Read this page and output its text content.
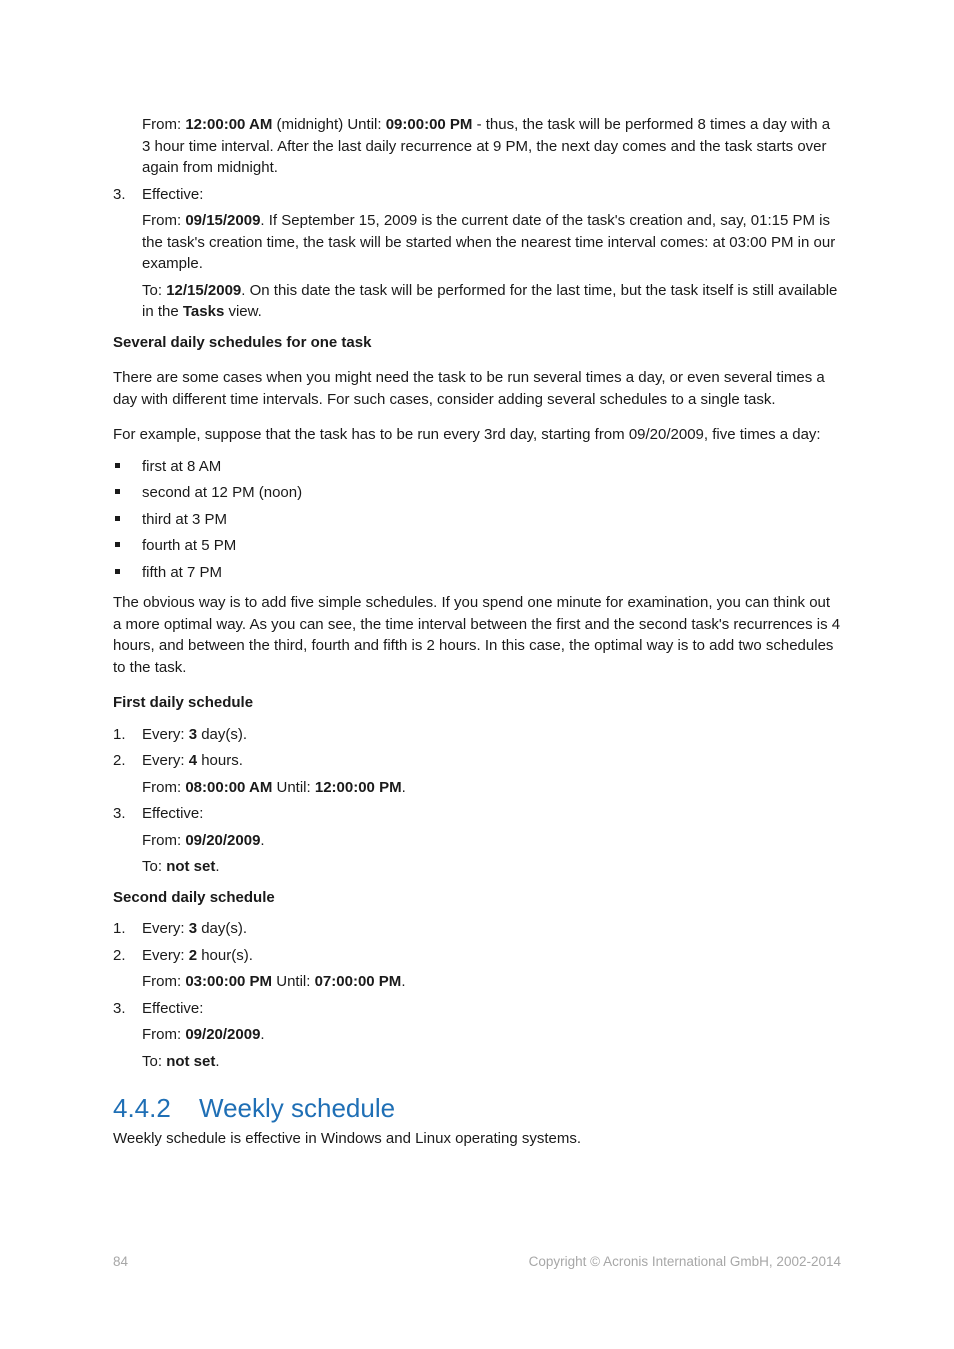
From: 12:00:00 AM (midnight) Until: 09:00:00 PM - thus, the task will be performed 8 times a day with a 3 hour time interval. After the last daily recurrence at 9 PM, the next day comes and the task starts over again from midnight.

3. Effective:

From: 09/15/2009. If September 15, 2009 is the current date of the task's creation and, say, 01:15 PM is the task's creation time, the task will be started when the nearest time interval comes: at 03:00 PM in our example.

To: 12/15/2009. On this date the task will be performed for the last time, but the task itself is still available in the Tasks view.

Several daily schedules for one task

There are some cases when you might need the task to be run several times a day, or even several times a day with different time intervals. For such cases, consider adding several schedules to a single task.

For example, suppose that the task has to be run every 3rd day, starting from 09/20/2009, five times a day:

first at 8 AM

second at 12 PM (noon)

third at 3 PM

fourth at 5 PM

fifth at 7 PM

The obvious way is to add five simple schedules. If you spend one minute for examination, you can think out a more optimal way. As you can see, the time interval between the first and the second task's recurrences is 4 hours, and between the third, fourth and fifth is 2 hours. In this case, the optimal way is to add two schedules to the task.

First daily schedule

1. Every: 3 day(s).

2. Every: 4 hours.

From: 08:00:00 AM Until: 12:00:00 PM.

3. Effective:

From: 09/20/2009.

To: not set.

Second daily schedule

1. Every: 3 day(s).

2. Every: 2 hour(s).

From: 03:00:00 PM Until: 07:00:00 PM.

3. Effective:

From: 09/20/2009.

To: not set.

4.4.2	Weekly schedule

Weekly schedule is effective in Windows and Linux operating systems.

84	Copyright © Acronis International GmbH, 2002-2014
